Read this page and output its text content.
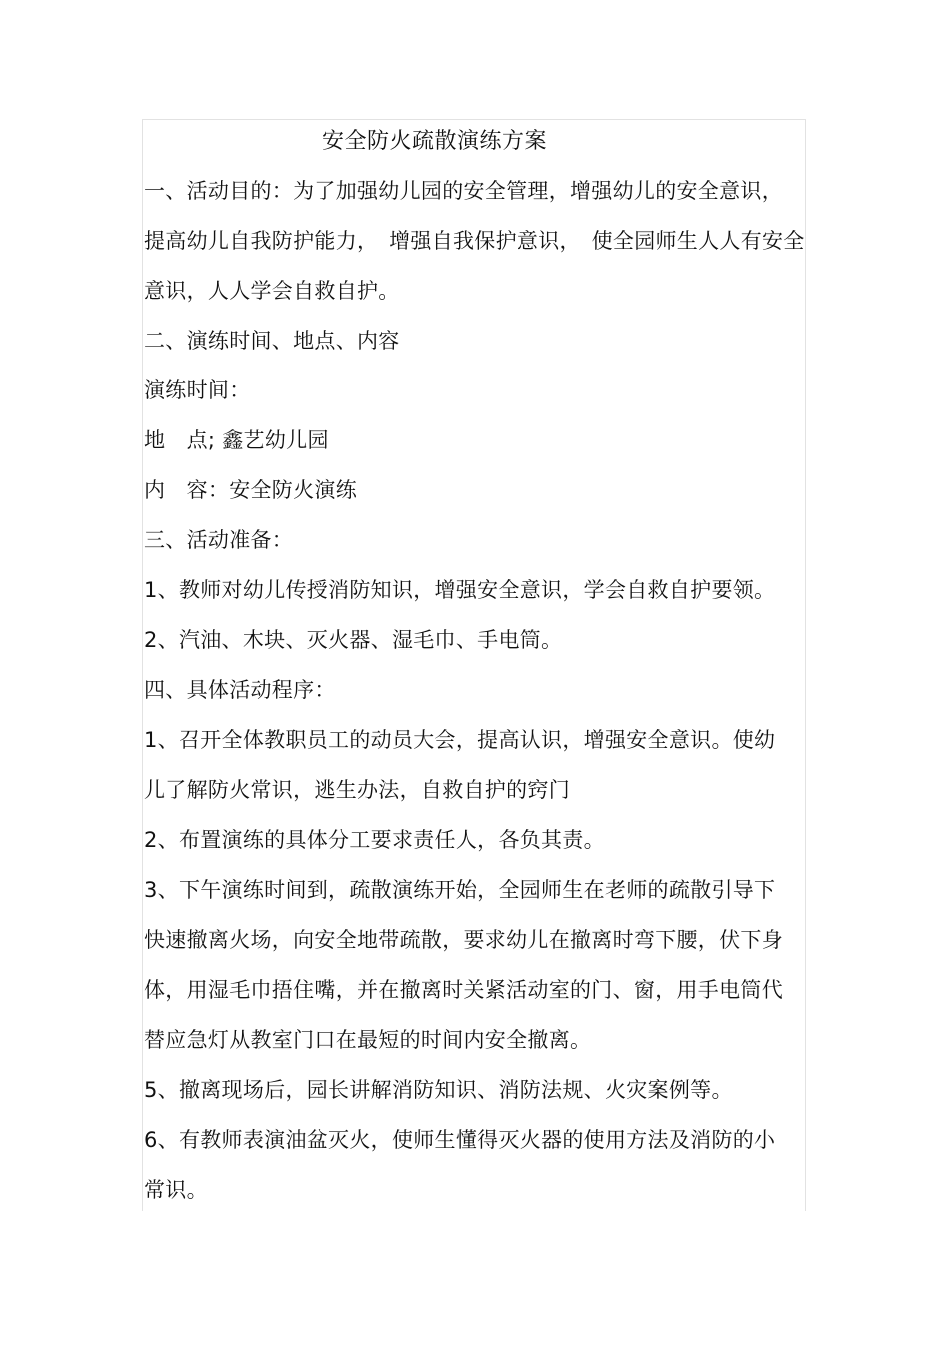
安全防火疏散演练方案
一、活动目的：为了加强幼儿园的安全管理，增强幼儿的安全意识，
提高幼儿自我防护能力，　增强自我保护意识，　使全园师生人人有安全
意识，人人学会自救自护。
二、演练时间、地点、内容
演练时间：
地　点; 鑫艺幼儿园
内　容：安全防火演练
三、活动准备：
1、教师对幼儿传授消防知识，增强安全意识，学会自救自护要领。
2、汽油、木块、灭火器、湿毛巾、手电筒。
四、具体活动程序：
1、召开全体教职员工的动员大会，提高认识，增强安全意识。使幼
儿了解防火常识，逃生办法，自救自护的窍门
2、布置演练的具体分工要求责任人，各负其责。
3、下午演练时间到，疏散演练开始，全园师生在老师的疏散引导下
快速撤离火场，向安全地带疏散，要求幼儿在撤离时弯下腰，伏下身
体，用湿毛巾捂住嘴，并在撤离时关紧活动室的门、窗，用手电筒代
替应急灯从教室门口在最短的时间内安全撤离。
5、撤离现场后，园长讲解消防知识、消防法规、火灾案例等。
6、有教师表演油盆灭火，使师生懂得灭火器的使用方法及消防的小
常识。
